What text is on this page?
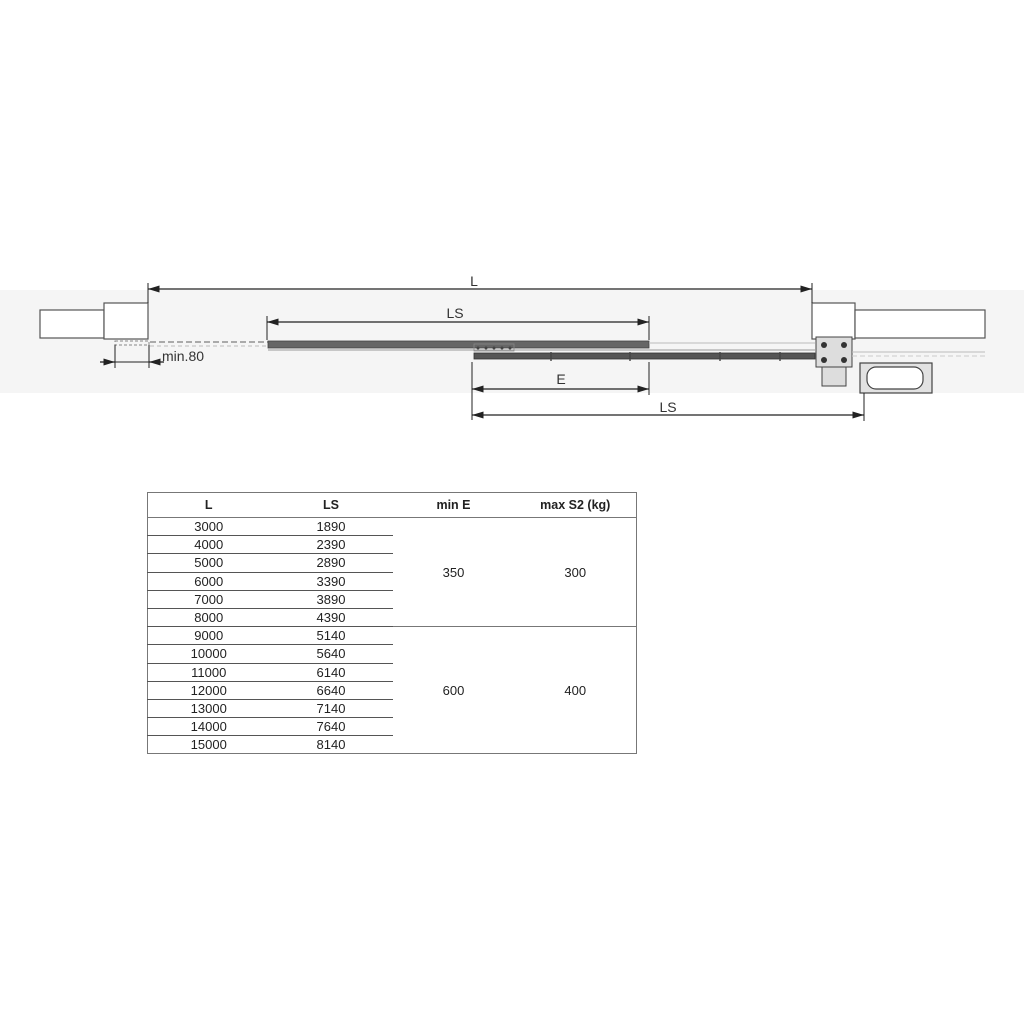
L
LS
min.80
E
LS
L	LS	min E	max S2 (kg)
3000	1890	350	300
4000	2390		
5000	2890		
6000	3390		
7000	3890		
8000	4390		
9000	5140	600	400
10000	5640		
11000	6140		
12000	6640		
13000	7140		
14000	7640		
15000	8140		
